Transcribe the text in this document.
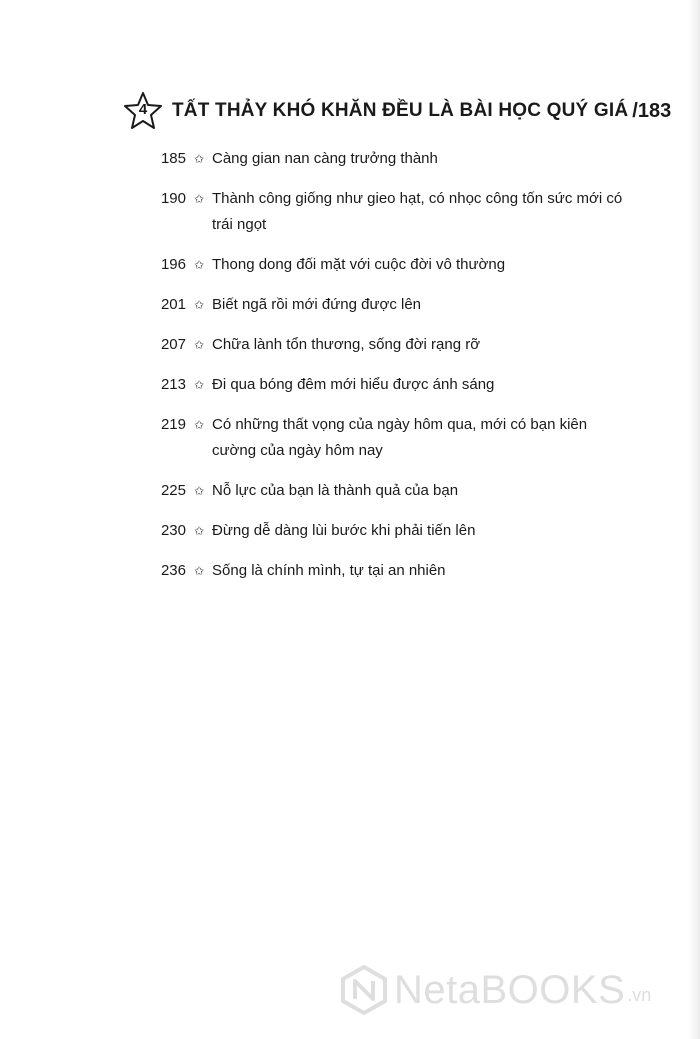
4	TẤT THẢY KHÓ KHĂN ĐỀU LÀ BÀI HỌC QUÝ GIÁ /183
185 ✩ Càng gian nan càng trưởng thành
190 ✩ Thành công giống như gieo hạt, có nhọc công tốn sức mới có trái ngọt
196 ✩ Thong dong đối mặt với cuộc đời vô thường
201 ✩ Biết ngã rồi mới đứng được lên
207 ✩ Chữa lành tổn thương, sống đời rạng rỡ
213 ✩ Đi qua bóng đêm mới hiểu được ánh sáng
219 ✩ Có những thất vọng của ngày hôm qua, mới có bạn kiên cường của ngày hôm nay
225 ✩ Nỗ lực của bạn là thành quả của bạn
230 ✩ Đừng dễ dàng lùi bước khi phải tiến lên
236 ✩ Sống là chính mình, tự tại an nhiên
NetaBOOKS .vn
